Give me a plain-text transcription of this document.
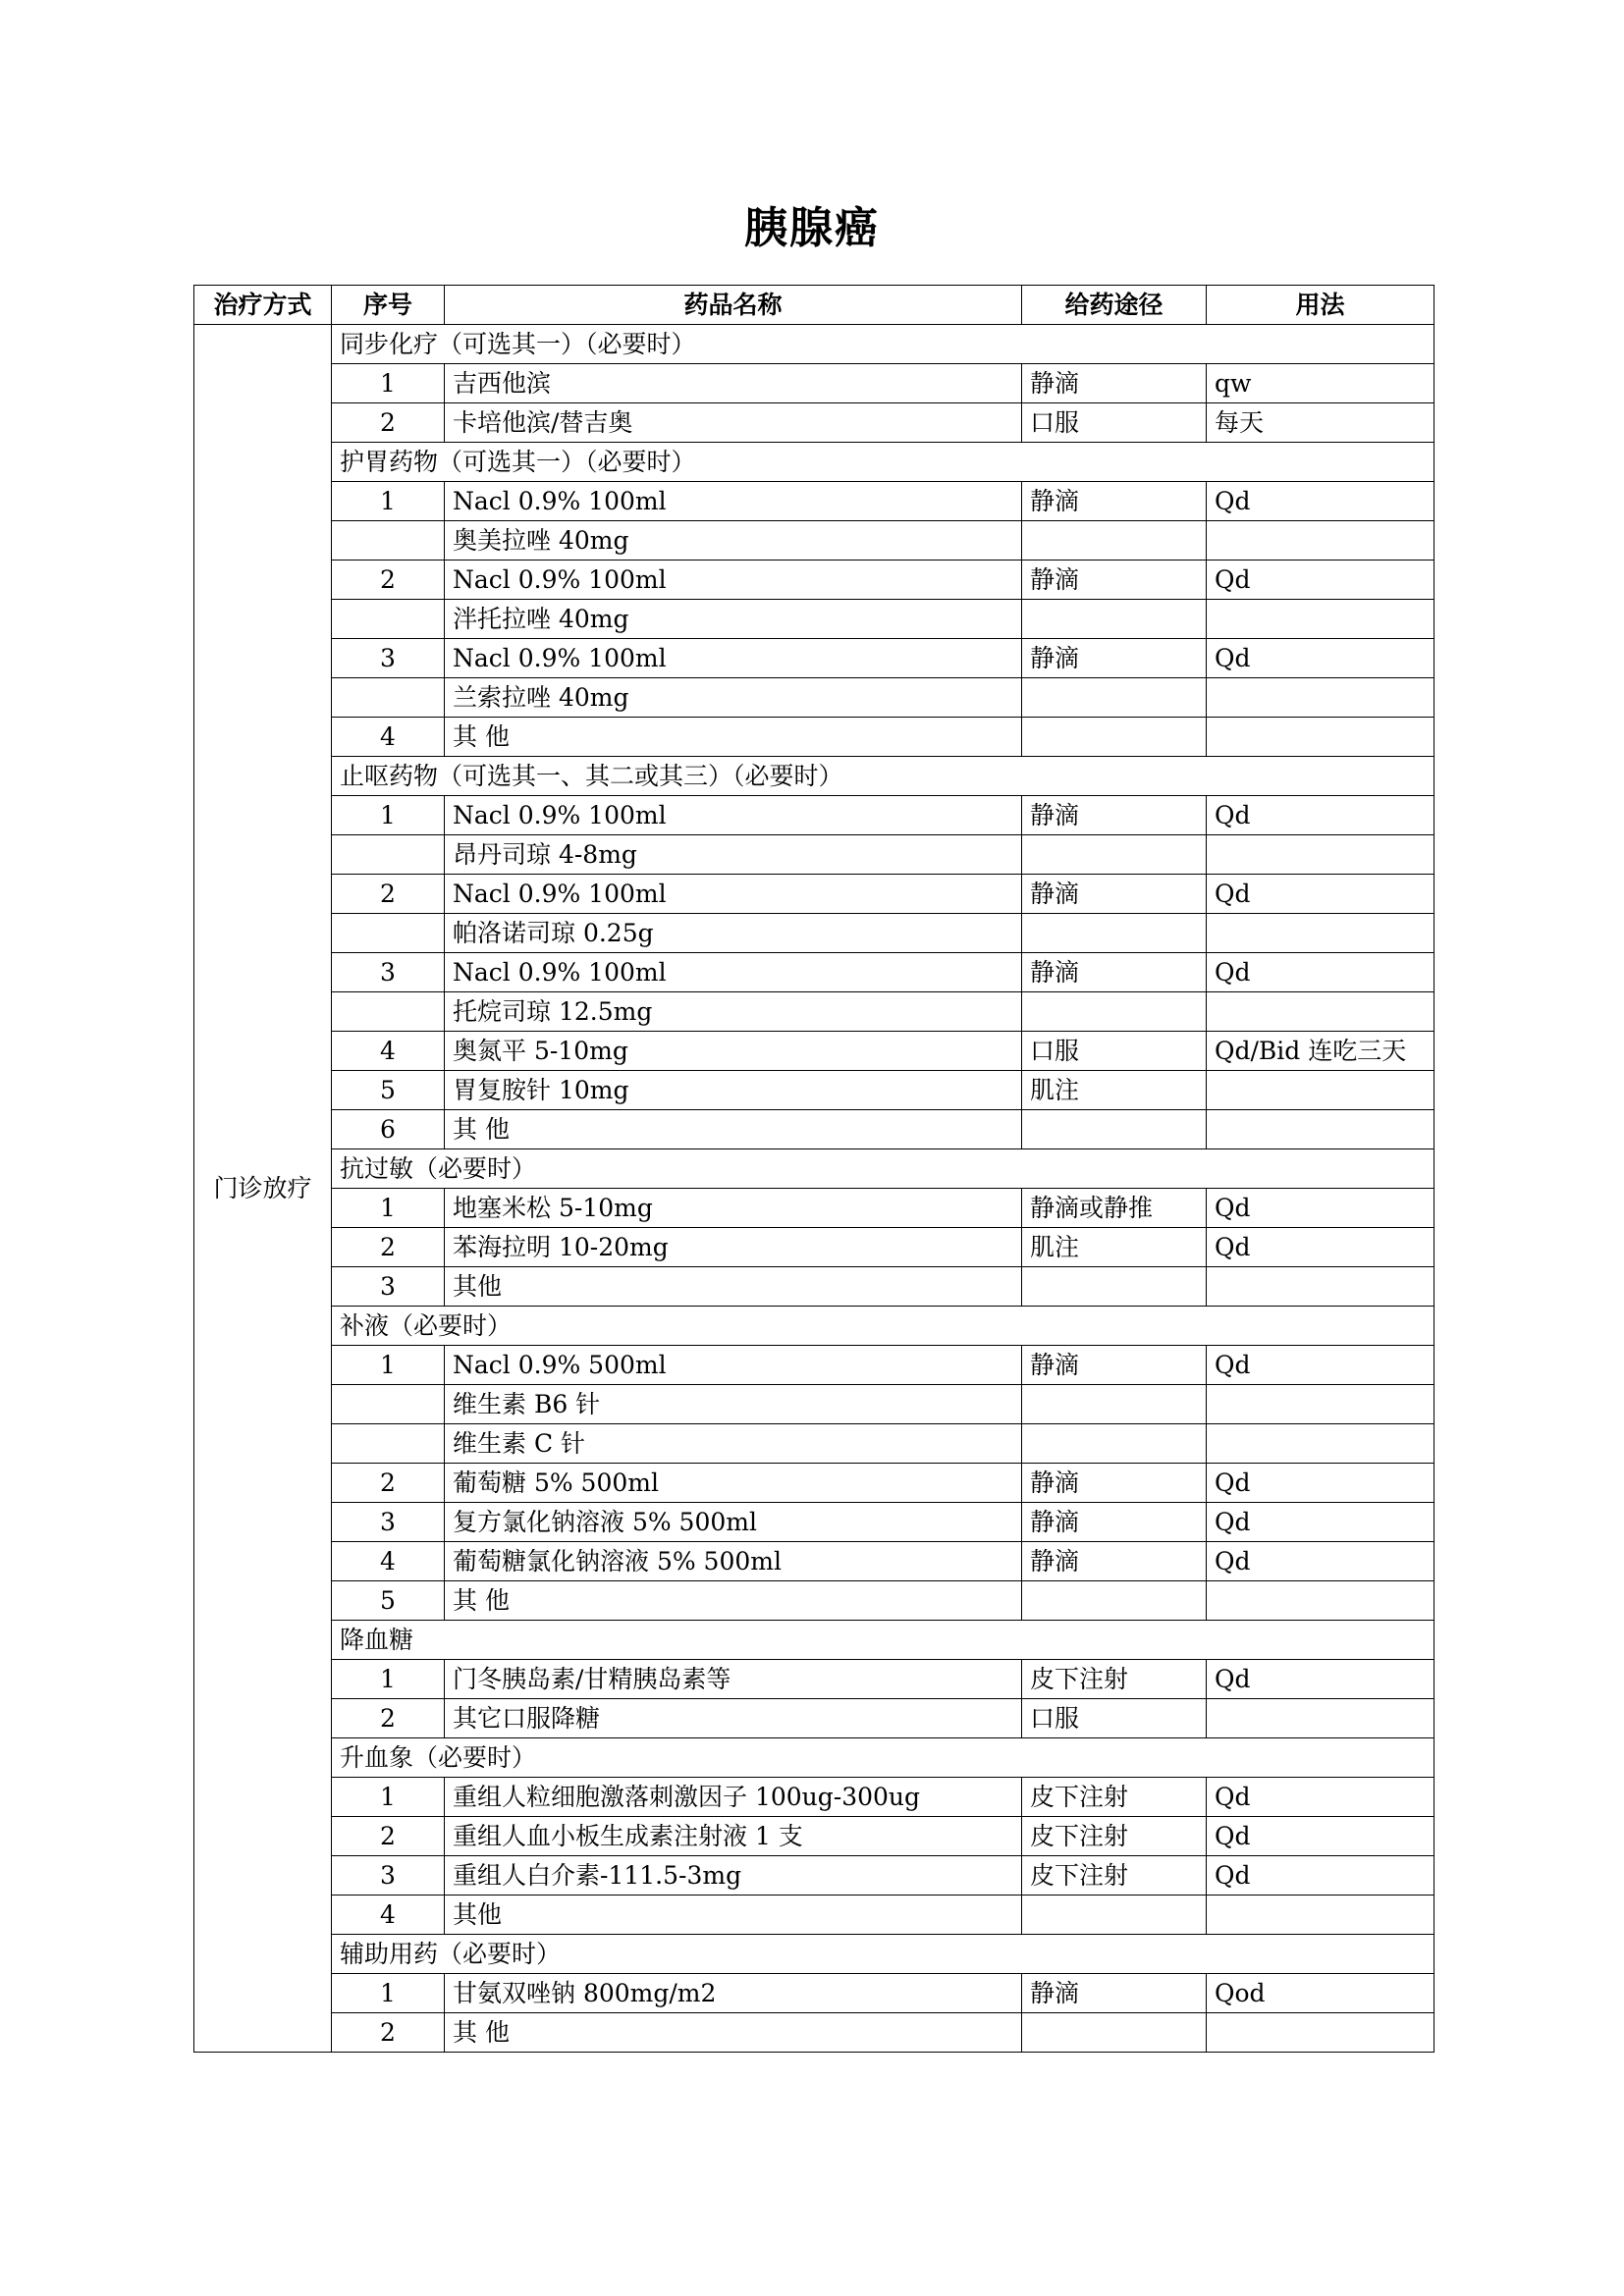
胰腺癌
治疗方式	序号	药品名称	给药途径	用法
门诊放疗	同步化疗（可选其一）（必要时）			
	1	吉西他滨	静滴	qw
	2	卡培他滨/替吉奥	口服	每天
	护胃药物（可选其一）（必要时）			
	1	Nacl 0.9% 100ml	静滴	Qd
		奥美拉唑 40mg		
	2	Nacl 0.9% 100ml	静滴	Qd
		泮托拉唑 40mg		
	3	Nacl 0.9% 100ml	静滴	Qd
		兰索拉唑 40mg		
	4	其 他		
	止呕药物（可选其一、其二或其三）（必要时）			
	1	Nacl 0.9% 100ml	静滴	Qd
		昂丹司琼 4-8mg		
	2	Nacl 0.9% 100ml	静滴	Qd
		帕洛诺司琼 0.25g		
	3	Nacl 0.9% 100ml	静滴	Qd
		托烷司琼 12.5mg		
	4	奥氮平 5-10mg	口服	Qd/Bid 连吃三天
	5	胃复胺针 10mg	肌注	
	6	其 他		
	抗过敏（必要时）			
	1	地塞米松 5-10mg	静滴或静推	Qd
	2	苯海拉明 10-20mg	肌注	Qd
	3	其他		
	补液（必要时）			
	1	Nacl 0.9% 500ml	静滴	Qd
		维生素 B6 针		
		维生素 C 针		
	2	葡萄糖 5% 500ml	静滴	Qd
	3	复方氯化钠溶液 5% 500ml	静滴	Qd
	4	葡萄糖氯化钠溶液 5% 500ml	静滴	Qd
	5	其 他		
	降血糖			
	1	门冬胰岛素/甘精胰岛素等	皮下注射	Qd
	2	其它口服降糖	口服	
	升血象（必要时）			
	1	重组人粒细胞激落刺激因子 100ug-300ug	皮下注射	Qd
	2	重组人血小板生成素注射液 1 支	皮下注射	Qd
	3	重组人白介素-111.5-3mg	皮下注射	Qd
	4	其他		
	辅助用药（必要时）			
	1	甘氨双唑钠 800mg/m2	静滴	Qod
	2	其 他		
